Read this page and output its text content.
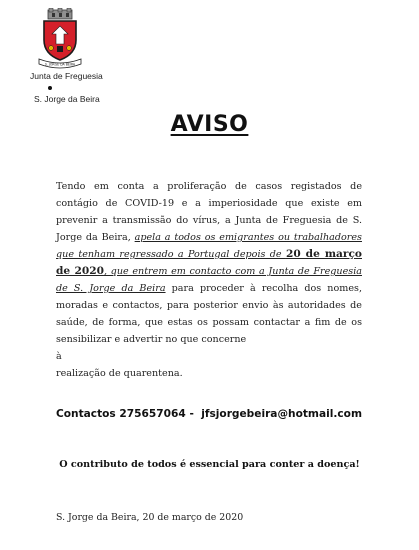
S. JORGE DA BEIRA
Junta de Freguesia
S. Jorge da Beira
AVISO

Tendo em conta a proliferação de casos registados de contágio de COVID-19 e a imperiosidade que existe em prevenir a transmissão do vírus, a Junta de Freguesia de S. Jorge da Beira, apela a todos os emigrantes ou trabalhadores que tenham regressado a Portugal depois de 20 de março de 2020, que entrem em contacto com a Junta de Freguesia de S. Jorge da Beira para proceder à recolha dos nomes, moradas e contactos, para posterior envio às autoridades de saúde, de forma, que estas os possam contactar a fim de os sensibilizar e advertir no que concerne

à

realização de quarentena.

Contactos 275657064 -  jfsjorgebeira@hotmail.com
O contributo de todos é essencial para conter a doença!
S. Jorge da Beira, 20 de março de 2020
